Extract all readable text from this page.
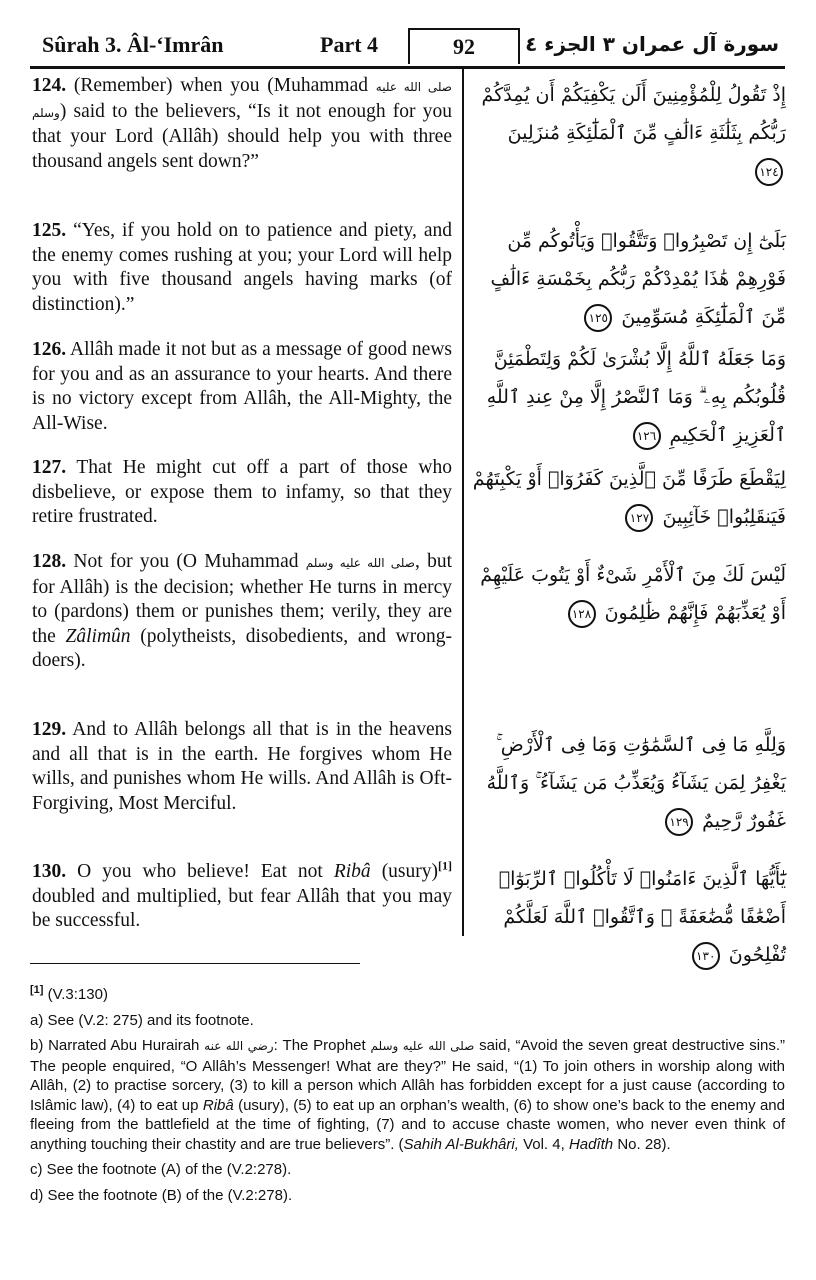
Sûrah 3. Âl-‘Imrân	Part 4	92	سورة آل عمران ٣ الجزء ٤
124. (Remember) when you (Muhammad صلى الله عليه وسلم) said to the believers, “Is it not enough for you that your Lord (Allâh) should help you with three thousand angels sent down?”
إِذْ تَقُولُ لِلْمُؤْمِنِينَ أَلَن يَكْفِيَكُمْ أَن يُمِدَّكُمْ رَبُّكُم بِثَلَٰثَةِ ءَالَٰفٍ مِّنَ ٱلْمَلَٰٓئِكَةِ مُنزَلِينَ ١٢٤
125. “Yes, if you hold on to patience and piety, and the enemy comes rushing at you; your Lord will help you with five thousand angels having marks (of distinction).”
بَلَىٰٓ إِن تَصْبِرُوا۟ وَتَتَّقُوا۟ وَيَأْتُوكُم مِّن فَوْرِهِمْ هَٰذَا يُمْدِدْكُمْ رَبُّكُم بِخَمْسَةِ ءَالَٰفٍ مِّنَ ٱلْمَلَٰٓئِكَةِ مُسَوِّمِينَ ١٢٥
126. Allâh made it not but as a message of good news for you and as an assurance to your hearts. And there is no victory except from Allâh, the All-Mighty, the All-Wise.
وَمَا جَعَلَهُ ٱللَّهُ إِلَّا بُشْرَىٰ لَكُمْ وَلِتَطْمَئِنَّ قُلُوبُكُم بِهِۦ ۗ وَمَا ٱلنَّصْرُ إِلَّا مِنْ عِندِ ٱللَّهِ ٱلْعَزِيزِ ٱلْحَكِيمِ ١٢٦
127. That He might cut off a part of those who disbelieve, or expose them to infamy, so that they retire frustrated.
لِيَقْطَعَ طَرَفًا مِّنَ ٱلَّذِينَ كَفَرُوٓا۟ أَوْ يَكْبِتَهُمْ فَيَنقَلِبُوا۟ خَآئِبِينَ ١٢٧
128. Not for you (O Muhammad صلى الله عليه وسلم, but for Allâh) is the decision; whether He turns in mercy to (pardons) them or punishes them; verily, they are the Zâlimûn (polytheists, disobedients, and wrong-doers).
لَيْسَ لَكَ مِنَ ٱلْأَمْرِ شَىْءٌ أَوْ يَتُوبَ عَلَيْهِمْ أَوْ يُعَذِّبَهُمْ فَإِنَّهُمْ ظَٰلِمُونَ ١٢٨
129. And to Allâh belongs all that is in the heavens and all that is in the earth. He forgives whom He wills, and punishes whom He wills. And Allâh is Oft-Forgiving, Most Merciful.
وَلِلَّهِ مَا فِى ٱلسَّمَٰوَٰتِ وَمَا فِى ٱلْأَرْضِ ۚ يَغْفِرُ لِمَن يَشَآءُ وَيُعَذِّبُ مَن يَشَآءُ ۚ وَٱللَّهُ غَفُورٌ رَّحِيمٌ ١٢٩
130. O you who believe! Eat not Ribâ (usury)[1] doubled and multiplied, but fear Allâh that you may be successful.
يَٰٓأَيُّهَا ٱلَّذِينَ ءَامَنُوا۟ لَا تَأْكُلُوا۟ ٱلرِّبَوٰٓا۟ أَضْعَٰفًا مُّضَٰعَفَةً ۖ وَٱتَّقُوا۟ ٱللَّهَ لَعَلَّكُمْ تُفْلِحُونَ ١٣٠

[1] (V.3:130)

a) See (V.2: 275) and its footnote.

b) Narrated Abu Hurairah رضي الله عنه: The Prophet صلى الله عليه وسلم said, “Avoid the seven great destructive sins.” The people enquired, “O Allâh’s Messenger! What are they?” He said, “(1) To join others in worship along with Allâh, (2) to practise sorcery, (3) to kill a person which Allâh has forbidden except for a just cause (according to Islâmic law), (4) to eat up Ribâ (usury), (5) to eat up an orphan’s wealth, (6) to show one’s back to the enemy and fleeing from the battlefield at the time of fighting, (7) and to accuse chaste women, who never even think of anything touching their chastity and are true believers”. (Sahih Al-Bukhâri, Vol. 4, Hadîth No. 28).

c) See the footnote (A) of the (V.2:278).

d) See the footnote (B) of the (V.2:278).
